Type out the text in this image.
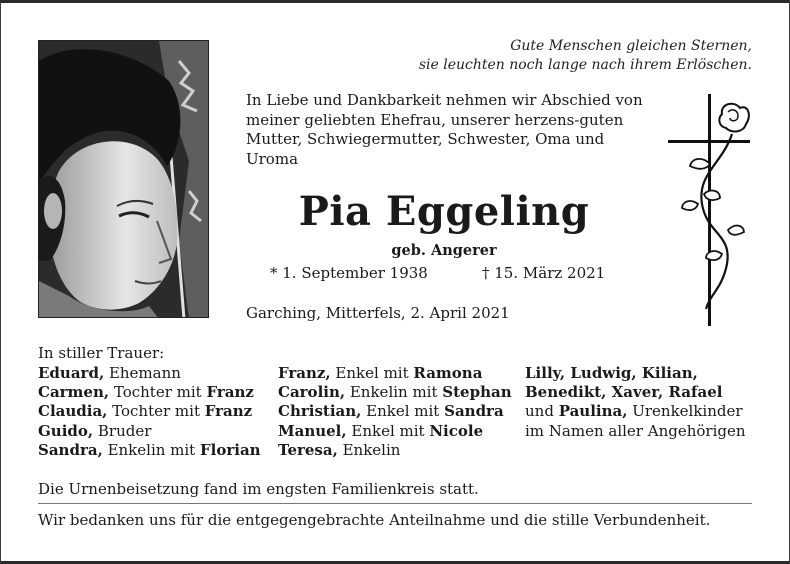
Gute Menschen gleichen Sternen,
sie leuchten noch lange nach ihrem Erlöschen.
In Liebe und Dankbarkeit nehmen wir Abschied von meiner geliebten Ehefrau, unserer herzens-guten Mutter, Schwiegermutter, Schwester, Oma und Uroma
Pia Eggeling
geb. Angerer
* 1. September 1938	† 15. März 2021
Garching, Mitterfels, 2. April 2021
In stiller Trauer:
Eduard, Ehemann
Carmen, Tochter mit Franz
Claudia, Tochter mit Franz
Guido, Bruder
Sandra, Enkelin mit Florian
Franz, Enkel mit Ramona
Carolin, Enkelin mit Stephan
Christian, Enkel mit Sandra
Manuel, Enkel mit Nicole
Teresa, Enkelin
Lilly, Ludwig, Kilian,
Benedikt, Xaver, Rafael
und Paulina, Urenkelkinder
im Namen aller Angehörigen
Die Urnenbeisetzung fand im engsten Familienkreis statt.
Wir bedanken uns für die entgegengebrachte Anteilnahme und die stille Verbundenheit.
